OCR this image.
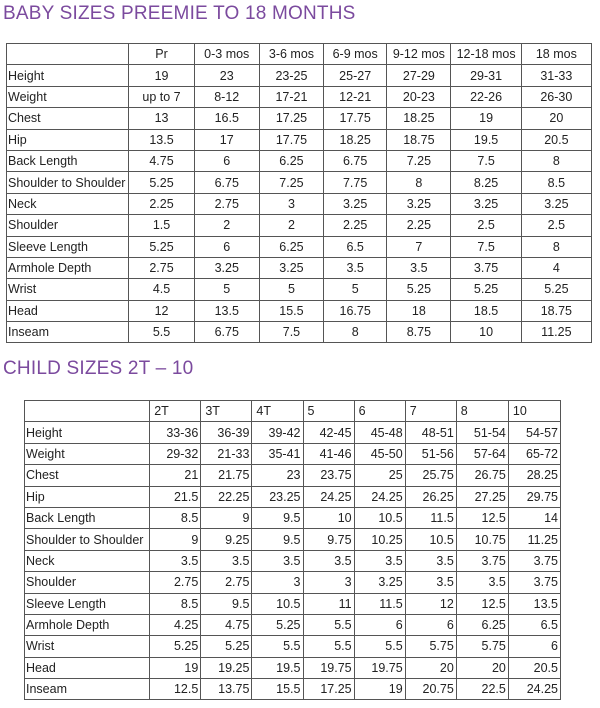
BABY SIZES PREEMIE TO 18 MONTHS
	Pr	0-3 mos	3-6 mos	6-9 mos	9-12 mos	12-18 mos	18 mos
Height	19	23	23-25	25-27	27-29	29-31	31-33
Weight	up to 7	8-12	17-21	12-21	20-23	22-26	26-30
Chest	13	16.5	17.25	17.75	18.25	19	20
Hip	13.5	17	17.75	18.25	18.75	19.5	20.5
Back Length	4.75	6	6.25	6.75	7.25	7.5	8
Shoulder to Shoulder	5.25	6.75	7.25	7.75	8	8.25	8.5
Neck	2.25	2.75	3	3.25	3.25	3.25	3.25
Shoulder	1.5	2	2	2.25	2.25	2.5	2.5
Sleeve Length	5.25	6	6.25	6.5	7	7.5	8
Armhole Depth	2.75	3.25	3.25	3.5	3.5	3.75	4
Wrist	4.5	5	5	5	5.25	5.25	5.25
Head	12	13.5	15.5	16.75	18	18.5	18.75
Inseam	5.5	6.75	7.5	8	8.75	10	11.25
CHILD SIZES 2T – 10
	2T	3T	4T	5	6	7	8	10
Height	33-36	36-39	39-42	42-45	45-48	48-51	51-54	54-57
Weight	29-32	21-33	35-41	41-46	45-50	51-56	57-64	65-72
Chest	21	21.75	23	23.75	25	25.75	26.75	28.25
Hip	21.5	22.25	23.25	24.25	24.25	26.25	27.25	29.75
Back Length	8.5	9	9.5	10	10.5	11.5	12.5	14
Shoulder to Shoulder	9	9.25	9.5	9.75	10.25	10.5	10.75	11.25
Neck	3.5	3.5	3.5	3.5	3.5	3.5	3.75	3.75
Shoulder	2.75	2.75	3	3	3.25	3.5	3.5	3.75
Sleeve Length	8.5	9.5	10.5	11	11.5	12	12.5	13.5
Armhole Depth	4.25	4.75	5.25	5.5	6	6	6.25	6.5
Wrist	5.25	5.25	5.5	5.5	5.5	5.75	5.75	6
Head	19	19.25	19.5	19.75	19.75	20	20	20.5
Inseam	12.5	13.75	15.5	17.25	19	20.75	22.5	24.25
